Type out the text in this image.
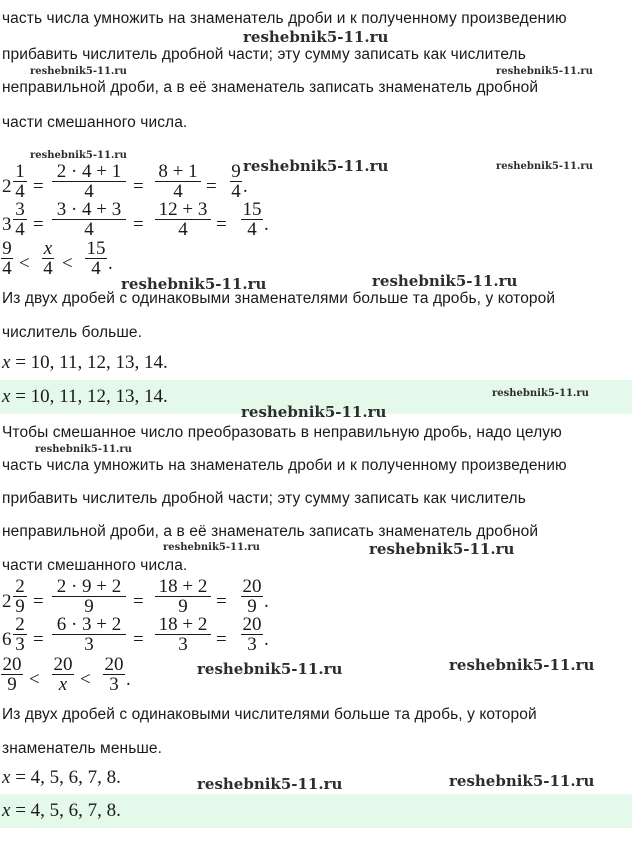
часть числа умножить на знаменатель дроби и к полученному произведению
прибавить числитель дробной части; эту сумму записать как числитель
неправильной дроби, а в её знаменатель записать знаменатель дробной
части смешанного числа.
$2 \frac{1}{4} = \frac{2 \cdot 4 + 1}{4} = \frac{8 + 1}{4} = \frac{9}{4}$ .
$3 \frac{3}{4} = \frac{3 \cdot 4 + 3}{4} = \frac{12 + 3}{4} = \frac{15}{4}$ .
$\frac{9}{4} < \frac{x}{4} < \frac{15}{4}$ .
Из двух дробей с одинаковыми знаменателями больше та дробь, у которой
числитель больше.
x = 10, 11, 12, 13, 14.
x = 10, 11, 12, 13, 14.
Чтобы смешанное число преобразовать в неправильную дробь, надо целую
часть числа умножить на знаменатель дроби и к полученному произведению
прибавить числитель дробной части; эту сумму записать как числитель
неправильной дроби, а в её знаменатель записать знаменатель дробной
части смешанного числа.
$2 \frac{2}{9} = \frac{2 \cdot 9 + 2}{9} = \frac{18 + 2}{9} = \frac{20}{9}$ .
$6 \frac{2}{3} = \frac{6 \cdot 3 + 2}{3} = \frac{18 + 2}{3} = \frac{20}{3}$ .
$\frac{20}{9} < \frac{20}{x} < \frac{20}{3}$ .
Из двух дробей с одинаковыми числителями больше та дробь, у которой
знаменатель меньше.
x = 4, 5, 6, 7, 8.
x = 4, 5, 6, 7, 8.
reshebnik5-11.ru
reshebnik5-11.ru	reshebnik5-11.ru
reshebnik5-11.ru
reshebnik5-11.ru	reshebnik5-11.ru
reshebnik5-11.ru	reshebnik5-11.ru
reshebnik5-11.ru
reshebnik5-11.ru
reshebnik5-11.ru
reshebnik5-11.ru	reshebnik5-11.ru
reshebnik5-11.ru	reshebnik5-11.ru
reshebnik5-11.ru	reshebnik5-11.ru
